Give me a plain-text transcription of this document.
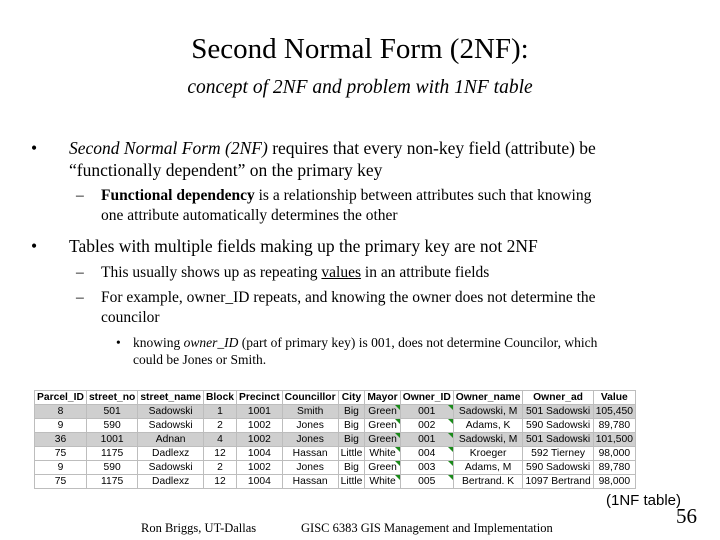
Second Normal Form (2NF):
concept of 2NF and problem with 1NF table
• Second Normal Form (2NF) requires that every non-key field (attribute) be
“functionally dependent” on the primary key
– Functional dependency is a relationship between attributes such that knowing
one attribute automatically determines the other
• Tables with multiple fields making up the primary key are not 2NF
– This usually shows up as repeating values in an attribute fields
– For example, owner_ID repeats, and knowing the owner does not determine the
councilor
• knowing owner_ID (part of primary key) is 001, does not determine Councilor, which
could be Jones or Smith.
Parcel_ID	street_no	street_name	Block	Precinct	Councillor	City	Mayor	Owner_ID	Owner_name	Owner_ad	Value
8	501	Sadowski	1	1001	Smith	Big	Green	001	Sadowski, M	501 Sadowski	105,450
9	590	Sadowski	2	1002	Jones	Big	Green	002	Adams, K	590 Sadowski	89,780
36	1001	Adnan	4	1002	Jones	Big	Green	001	Sadowski, M	501 Sadowski	101,500
75	1175	Dadlexz	12	1004	Hassan	Little	White	004	Kroeger	592 Tierney	98,000
9	590	Sadowski	2	1002	Jones	Big	Green	003	Adams, M	590 Sadowski	89,780
75	1175	Dadlexz	12	1004	Hassan	Little	White	005	Bertrand. K	1097 Bertrand	98,000
(1NF table)
56
Ron Briggs, UT-Dallas	GISC 6383 GIS Management and Implementation
